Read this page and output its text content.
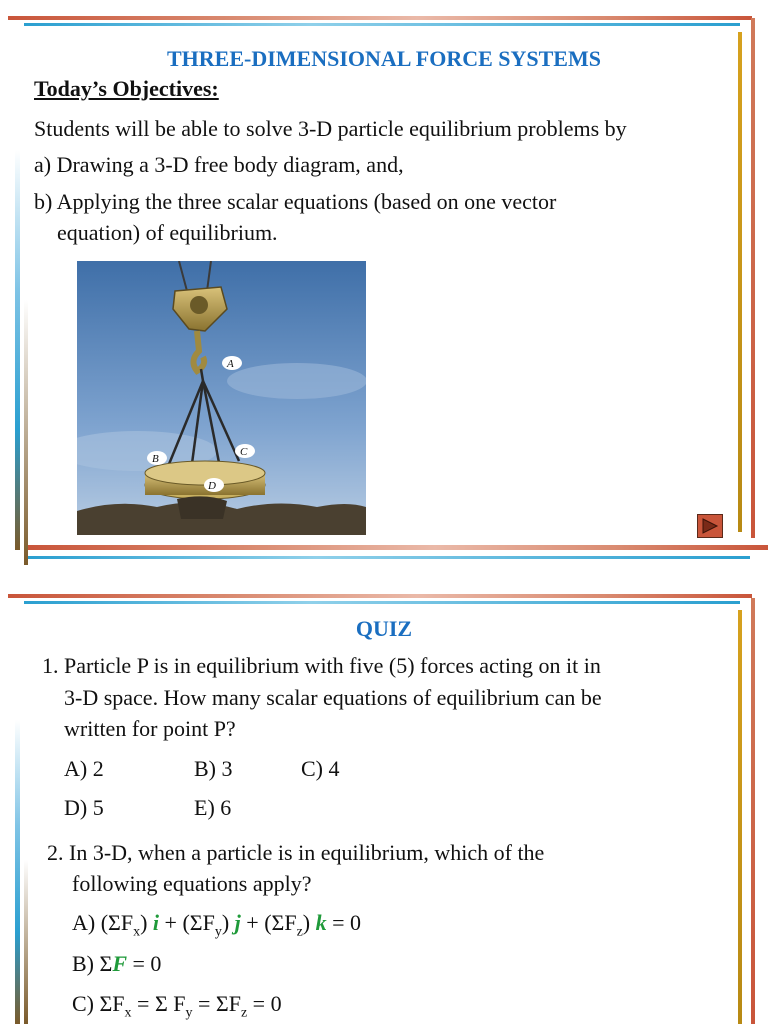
THREE-DIMENSIONAL FORCE SYSTEMS
Today’s Objectives:
Students will be able to solve 3-D particle equilibrium problems by
a) Drawing a 3-D free body diagram, and,
b) Applying the three scalar equations (based on one vector
equation) of equilibrium.
A
B
C
D
QUIZ
1. Particle P is in equilibrium with five (5) forces acting on it in
3-D space. How many scalar equations of equilibrium can be
written for point P?
A) 2	B) 3	C) 4
D) 5	E) 6
2. In 3-D, when a particle is in equilibrium, which of the
following equations apply?
A) $(\Sigma F_x) i + (\Sigma F_y) j + (\Sigma F_z) k = 0$
B) ΣF = 0
C) $\Sigma F_x = \Sigma$ $F_y = \Sigma F_z = 0$
